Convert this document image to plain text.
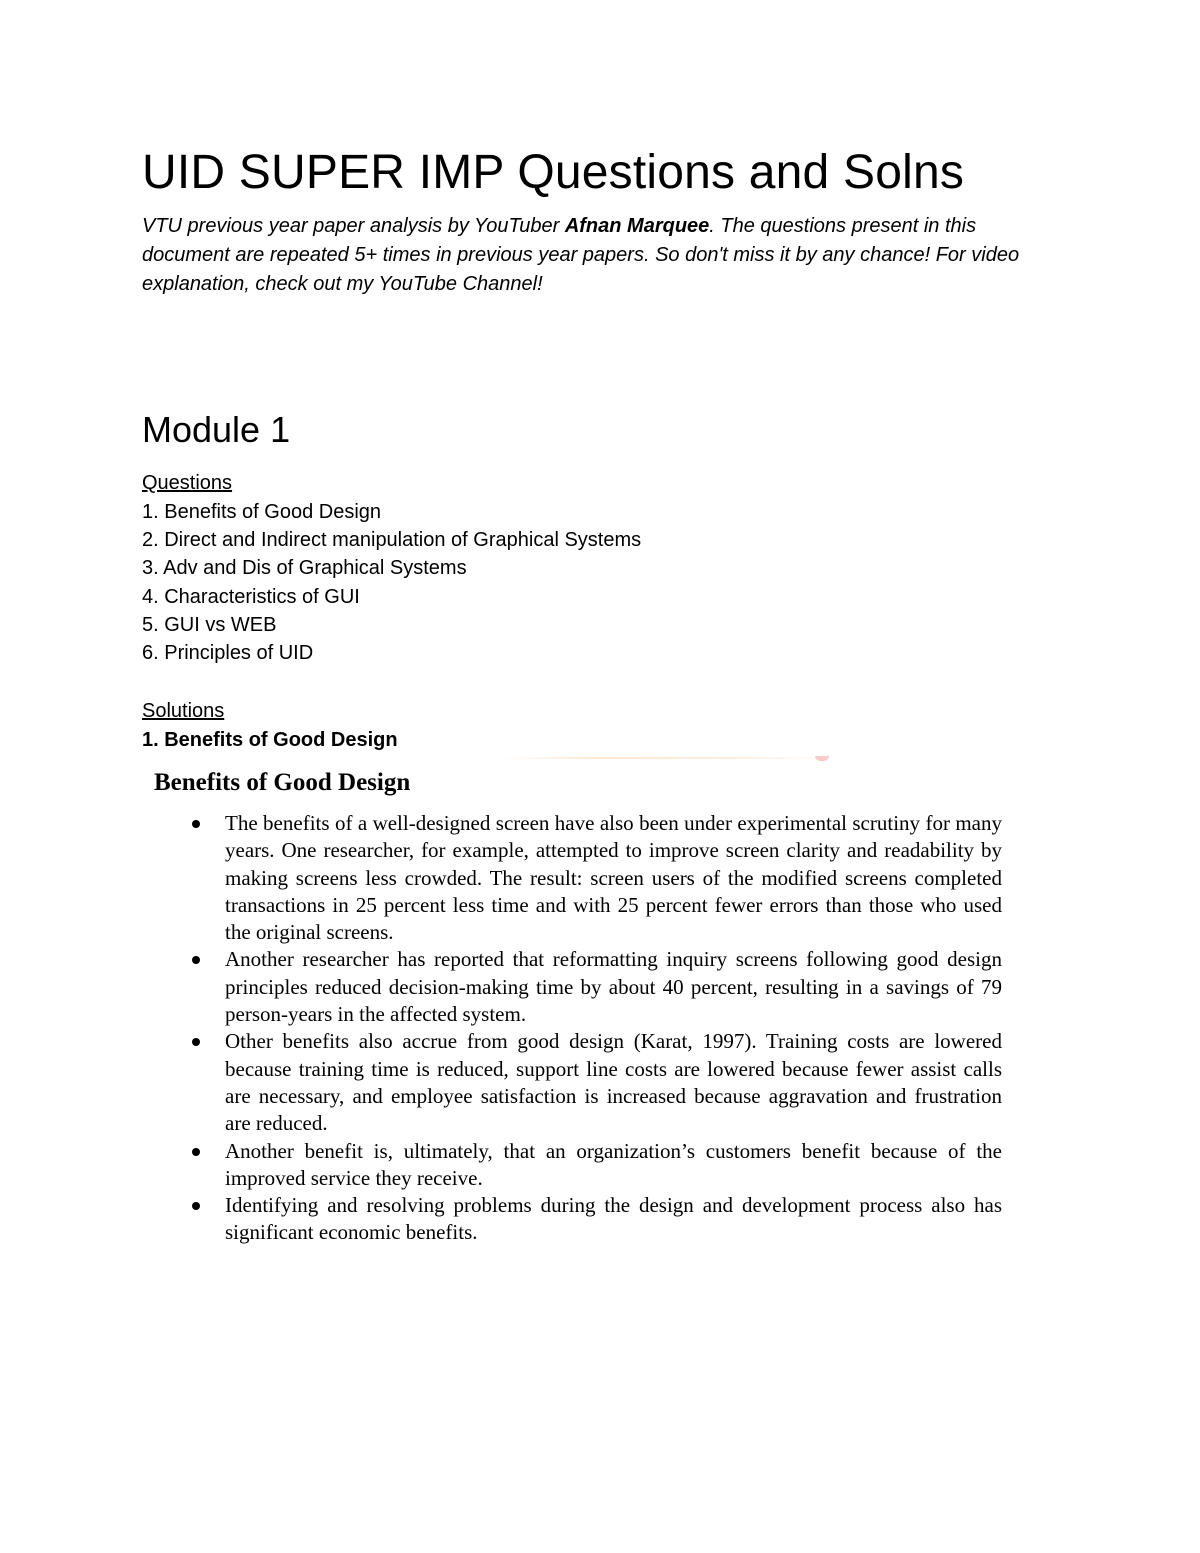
UID SUPER IMP Questions and Solns

VTU previous year paper analysis by YouTuber Afnan Marquee. The questions present in this document are repeated 5+ times in previous year papers. So don't miss it by any chance! For video explanation, check out my YouTube Channel!

Module 1

Questions

1. Benefits of Good Design
2. Direct and Indirect manipulation of Graphical Systems
3. Adv and Dis of Graphical Systems
4. Characteristics of GUI
5. GUI vs WEB
6. Principles of UID

Solutions

1. Benefits of Good Design

Benefits of Good Design
The benefits of a well-designed screen have also been under experimental scrutiny for many years. One researcher, for example, attempted to improve screen clarity and readability by making screens less crowded. The result: screen users of the modified screens completed transactions in 25 percent less time and with 25 percent fewer errors than those who used the original screens.
Another researcher has reported that reformatting inquiry screens following good design principles reduced decision-making time by about 40 percent, resulting in a savings of 79 person-years in the affected system.
Other benefits also accrue from good design (Karat, 1997). Training costs are lowered because training time is reduced, support line costs are lowered because fewer assist calls are necessary, and employee satisfaction is increased because aggravation and frustration are reduced.
Another benefit is, ultimately, that an organization’s customers benefit because of the improved service they receive.
Identifying and resolving problems during the design and development process also has significant economic benefits.
